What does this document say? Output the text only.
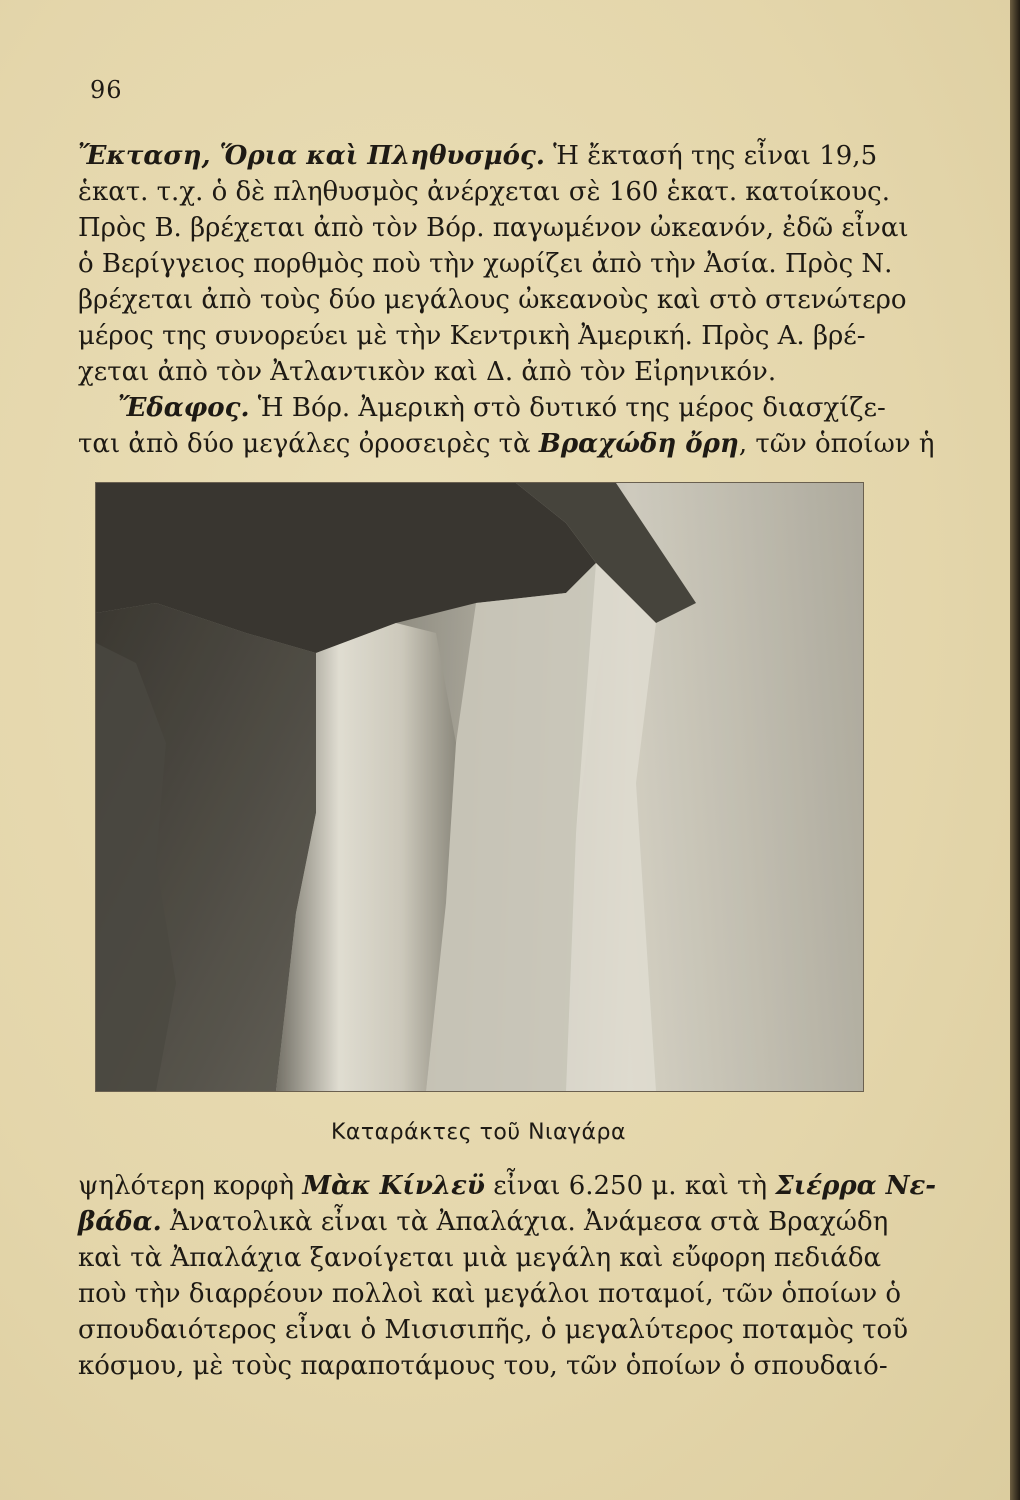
96
Ἔκταση, Ὅρια καὶ Πληθυσμός. Ἡ ἔκτασή της εἶναι 19,5
ἑκατ. τ.χ. ὁ δὲ πληθυσμὸς ἀνέρχεται σὲ 160 ἑκατ. κατοίκους.
Πρὸς Β. βρέχεται ἀπὸ τὸν Βόρ. παγωμένον ὠκεανόν, ἐδῶ εἶναι
ὁ Βερίγγειος πορθμὸς ποὺ τὴν χωρίζει ἀπὸ τὴν Ἀσία. Πρὸς Ν.
βρέχεται ἀπὸ τοὺς δύο μεγάλους ὠκεανοὺς καὶ στὸ στενώτερο
μέρος της συνορεύει μὲ τὴν Κεντρικὴ Ἀμερική. Πρὸς Α. βρέ-
χεται ἀπὸ τὸν Ἀτλαντικὸν καὶ Δ. ἀπὸ τὸν Εἰρηνικόν.
Ἔδαφος. Ἡ Βόρ. Ἀμερικὴ στὸ δυτικό της μέρος διασχίζε-
ται ἀπὸ δύο μεγάλες ὀροσειρὲς τὰ Βραχώδη ὄρη, τῶν ὁποίων ἡ
Καταράκτες τοῦ Νιαγάρα
ψηλότερη κορφὴ Μὰκ Κίνλεϋ εἶναι 6.250 μ. καὶ τὴ Σιέρρα Νε-
βάδα. Ἀνατολικὰ εἶναι τὰ Ἀπαλάχια. Ἀνάμεσα στὰ Βραχώδη
καὶ τὰ Ἀπαλάχια ξανοίγεται μιὰ μεγάλη καὶ εὔφορη πεδιάδα
ποὺ τὴν διαρρέουν πολλοὶ καὶ μεγάλοι ποταμοί, τῶν ὁποίων ὁ
σπουδαιότερος εἶναι ὁ Μισισιπῆς, ὁ μεγαλύτερος ποταμὸς τοῦ
κόσμου, μὲ τοὺς παραποτάμους του, τῶν ὁποίων ὁ σπουδαιό-
